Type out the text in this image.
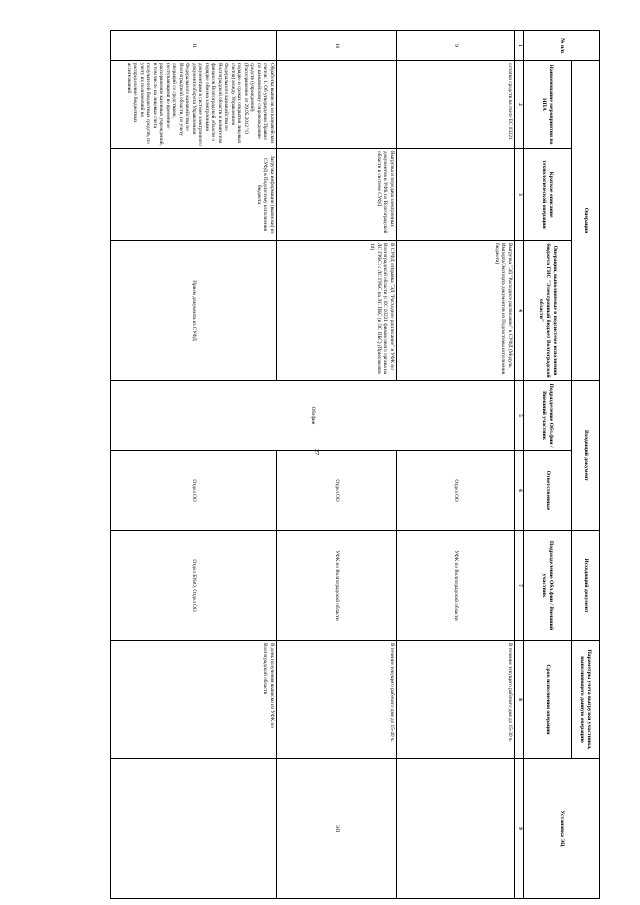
27
№ п/п	Операция			Входящий документ		Исходящий документ	Параметры учета выгрузки участника, выполняющего данную операцию	Установка ЭЦ
	Наименование мероприятия по НПА	Краткое описание технологической операции	Операции, выполняемые в подсистеме исполнения бюджета ГИС "Электронный бюджет Волгоградской области"	Подразделение Обл.фин / Внешний участник	Ответственные	Подразделение Обл.фин / Внешний участник	Срок исполнения операции	
1	2	3	4	5	6	7	8	9
9	остатки средств на счете ЕС 03221		Выгрузка "ЭД "Расходное расписание" в СУФД (Модуль Импорта/Экспорта документов из Подсистемы исполнения бюджета)	Облфин	Отдел ОО	УФК по Волгоградской области	В течение текущего рабочего дня до 15-30 ч.	
10		Выгрузка и передача электронных документов в УФК по Волгоградской области в системе СУФД	В СУФД отправка "ЭД "Расходное расписание" в УФК по Волгоградской области (с ЕС 03221 финансового органа на ЛС ГРБС; с ЛС ГРБС на ЛС ПБС (в ЛС ПБС) (Приложение 10)		Отдел ОО	УФК по Волгоградской области	В течение текущего рабочего дня до 15-40 ч.	ЭП
11	Обработка выписок из казначейских счетов: 1. Об утверждении Правил по казначейскому сопровождению средств (учреждений) (Распоряжение от 29.05.2012 "О порядке и сроках открытия лицевых счетов) между Управлением Федерального казначейства по Волгоградской области и комитетом финансов Волгоградской области о порядке обмена электронными документами в системе электронного документооборота Управлением Федерального казначейства по Волгоградской области, по учету операций со средствами, поступающими во временное распоряжение казенных учреждений, в том числе на лицевые счета получателей бюджетных средств, по учету их полномочий на распределение бюджетных ассигнований	Загрузка информации (выписки) из СУФД в Подсистему исполнения бюджета	Прием документа из СУФД		Отдел ОО	Отдел БУиО, Отдел ОО	В день получения выписки из УФК по Волгоградской области	
